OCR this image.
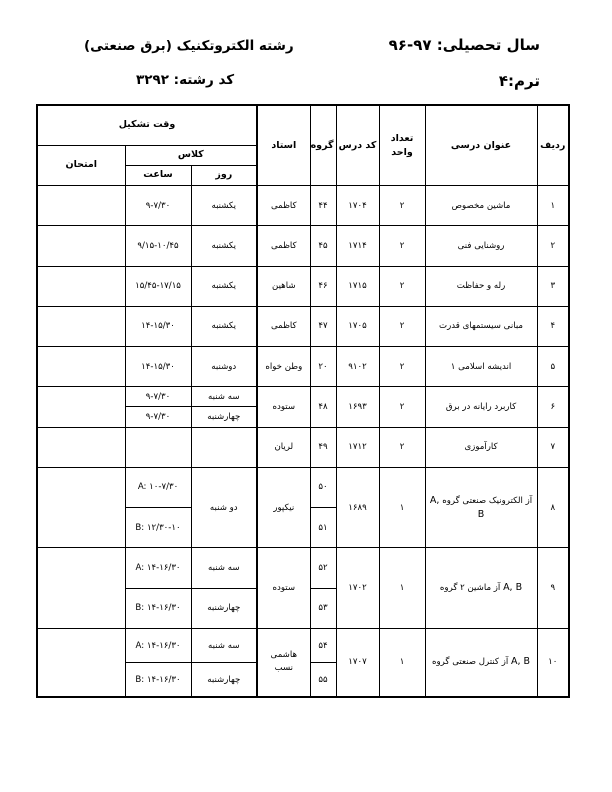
سال تحصیلی: ۹۷-۹۶
رشته الکتروتکنیک (برق صنعتی)
ترم:۴
کد رشته: ۳۲۹۲
ردیف	عنوان درسی	تعداد واحد	کد درس	گروه	استاد	وقت تشکیل		
						کلاس		امتحان
						روز	ساعت	
۱	ماشین مخصوص	۲	۱۷۰۴	۴۴	کاظمی	یکشنبه	۹-۷/۳۰	
۲	روشنایی فنی	۲	۱۷۱۴	۴۵	کاظمی	یکشنبه	۹/۱۵-۱۰/۴۵	
۳	رله و حفاظت	۲	۱۷۱۵	۴۶	شاهین	یکشنبه	۱۵/۴۵-۱۷/۱۵	
۴	مبانی سیستمهای قدرت	۲	۱۷۰۵	۴۷	کاظمی	یکشنبه	۱۴-۱۵/۳۰	
۵	اندیشه اسلامی ۱	۲	۹۱۰۲	۲۰	وطن خواه	دوشنبه	۱۴-۱۵/۳۰	
۶	کاربرد رایانه در برق	۲	۱۶۹۳	۴۸	ستوده	سه شنبه	۹-۷/۳۰	
						چهارشنبه	۹-۷/۳۰	
۷	کارآموزی	۲	۱۷۱۲	۴۹	لریان			
۸	آز الکترونیک صنعتی گروه A, B	۱	۱۶۸۹	۵۰	نیکپور	دو شنبه	A: ۱۰-۷/۳۰	
				۵۱			B: ۱۲/۳۰-۱۰	
۹	A, B آز ماشین ۲ گروه	۱	۱۷۰۲	۵۲	ستوده	سه شنبه	A: ۱۴-۱۶/۳۰	
				۵۳		چهارشنبه	B: ۱۴-۱۶/۳۰	
۱۰	A, B آز کنترل صنعتی گروه	۱	۱۷۰۷	۵۴	هاشمی نسب	سه شنبه	A: ۱۴-۱۶/۳۰	
				۵۵		چهارشنبه	B: ۱۴-۱۶/۳۰	
